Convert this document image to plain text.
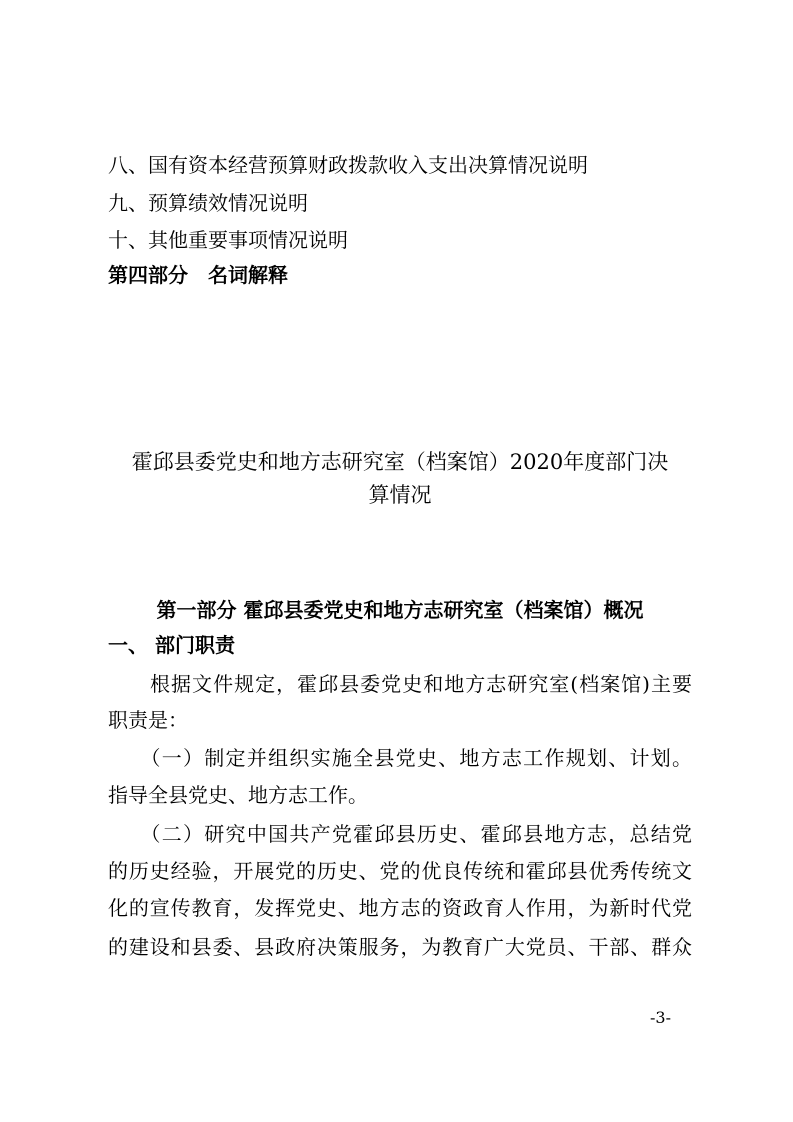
八、国有资本经营预算财政拨款收入支出决算情况说明
九、预算绩效情况说明
十、其他重要事项情况说明
第四部分　名词解释
霍邱县委党史和地方志研究室（档案馆）2020年度部门决
算情况
第一部分 霍邱县委党史和地方志研究室（档案馆）概况
一、 部门职责
　　根据文件规定，霍邱县委党史和地方志研究室(档案馆)主要
职责是：
　　（一）制定并组织实施全县党史、地方志工作规划、计划。
指导全县党史、地方志工作。
　　（二）研究中国共产党霍邱县历史、霍邱县地方志，总结党
的历史经验，开展党的历史、党的优良传统和霍邱县优秀传统文
化的宣传教育，发挥党史、地方志的资政育人作用，为新时代党
的建设和县委、县政府决策服务，为教育广大党员、干部、群众
-3-
